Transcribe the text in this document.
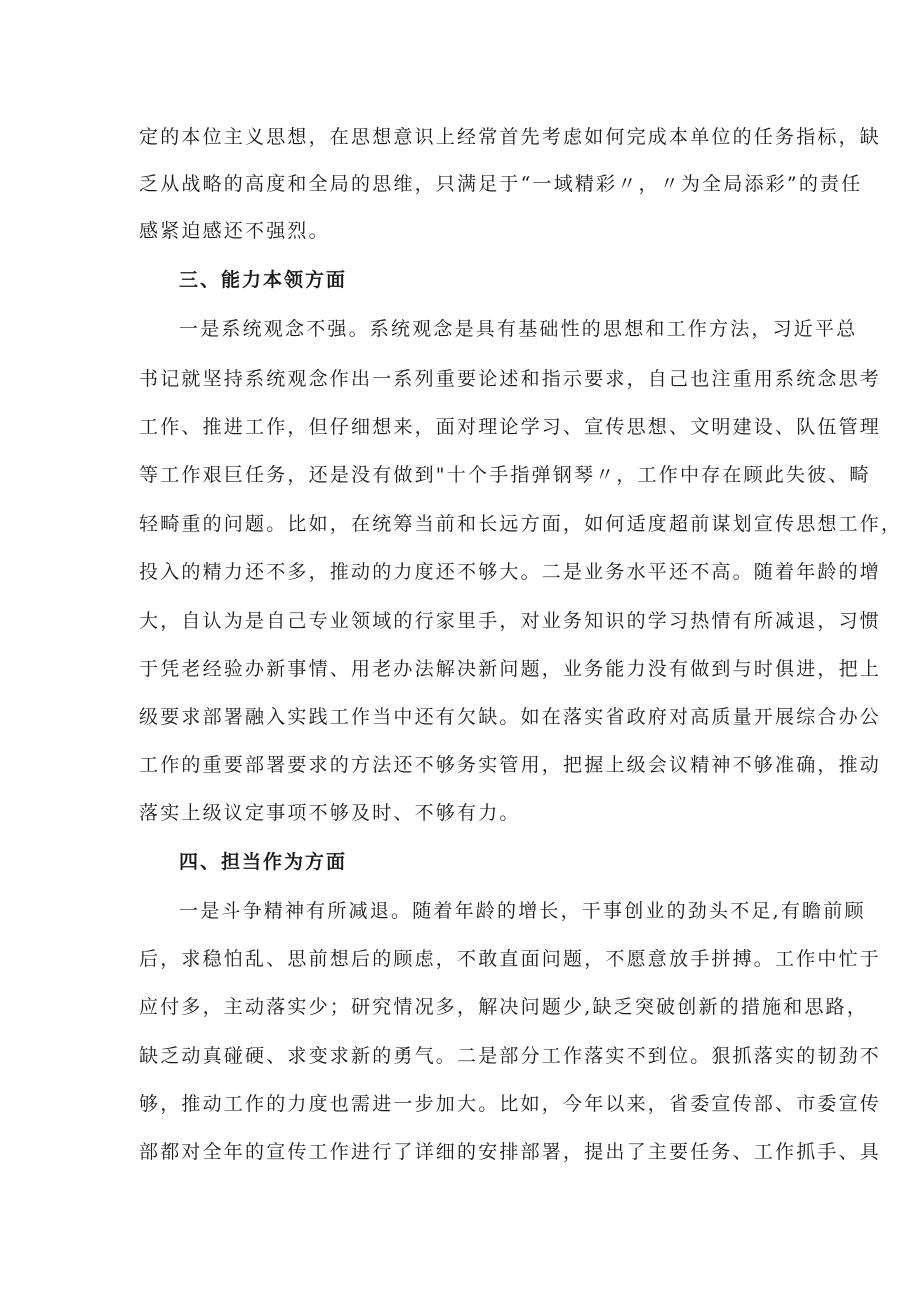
定的本位主义思想，在思想意识上经常首先考虑如何完成本单位的任务指标，缺
乏从战略的高度和全局的思维，只满足于“一域精彩〃，〃为全局添彩”的责任
感紧迫感还不强烈。
三、能力本领方面
一是系统观念不强。系统观念是具有基础性的思想和工作方法，习近平总
书记就坚持系统观念作出一系列重要论述和指示要求，自己也注重用系统念思考
工作、推进工作，但仔细想来，面对理论学习、宣传思想、文明建设、队伍管理
等工作艰巨任务，还是没有做到"十个手指弹钢琴〃，工作中存在顾此失彼、畸
轻畸重的问题。比如，在统筹当前和长远方面，如何适度超前谋划宣传思想工作，
投入的精力还不多，推动的力度还不够大。二是业务水平还不高。随着年龄的增
大，自认为是自己专业领域的行家里手，对业务知识的学习热情有所减退，习惯
于凭老经验办新事情、用老办法解决新问题，业务能力没有做到与时俱进，把上
级要求部署融入实践工作当中还有欠缺。如在落实省政府对高质量开展综合办公
工作的重要部署要求的方法还不够务实管用，把握上级会议精神不够准确，推动
落实上级议定事项不够及时、不够有力。
四、担当作为方面
一是斗争精神有所减退。随着年龄的增长，干事创业的劲头不足,有瞻前顾
后，求稳怕乱、思前想后的顾虑，不敢直面问题，不愿意放手拼搏。工作中忙于
应付多，主动落实少；研究情况多，解决问题少,缺乏突破创新的措施和思路，
缺乏动真碰硬、求变求新的勇气。二是部分工作落实不到位。狠抓落实的韧劲不
够，推动工作的力度也需进一步加大。比如，今年以来，省委宣传部、市委宣传
部都对全年的宣传工作进行了详细的安排部署，提出了主要任务、工作抓手、具
